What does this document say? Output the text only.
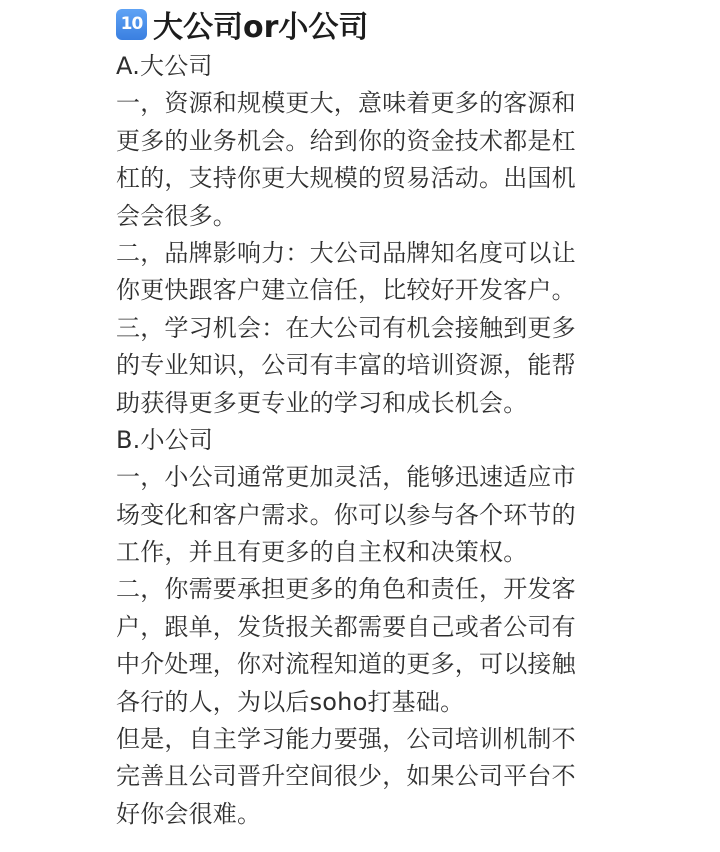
10 大公司or小公司
A.大公司
一，资源和规模更大，意味着更多的客源和
更多的业务机会。给到你的资金技术都是杠
杠的，支持你更大规模的贸易活动。出国机
会会很多。
二，品牌影响力：大公司品牌知名度可以让
你更快跟客户建立信任，比较好开发客户。
三，学习机会：在大公司有机会接触到更多
的专业知识，公司有丰富的培训资源，能帮
助获得更多更专业的学习和成长机会。
B.小公司
一，小公司通常更加灵活，能够迅速适应市
场变化和客户需求。你可以参与各个环节的
工作，并且有更多的自主权和决策权。
二，你需要承担更多的角色和责任，开发客
户，跟单，发货报关都需要自己或者公司有
中介处理，你对流程知道的更多，可以接触
各行的人，为以后soho打基础。
但是，自主学习能力要强，公司培训机制不
完善且公司晋升空间很少，如果公司平台不
好你会很难。
